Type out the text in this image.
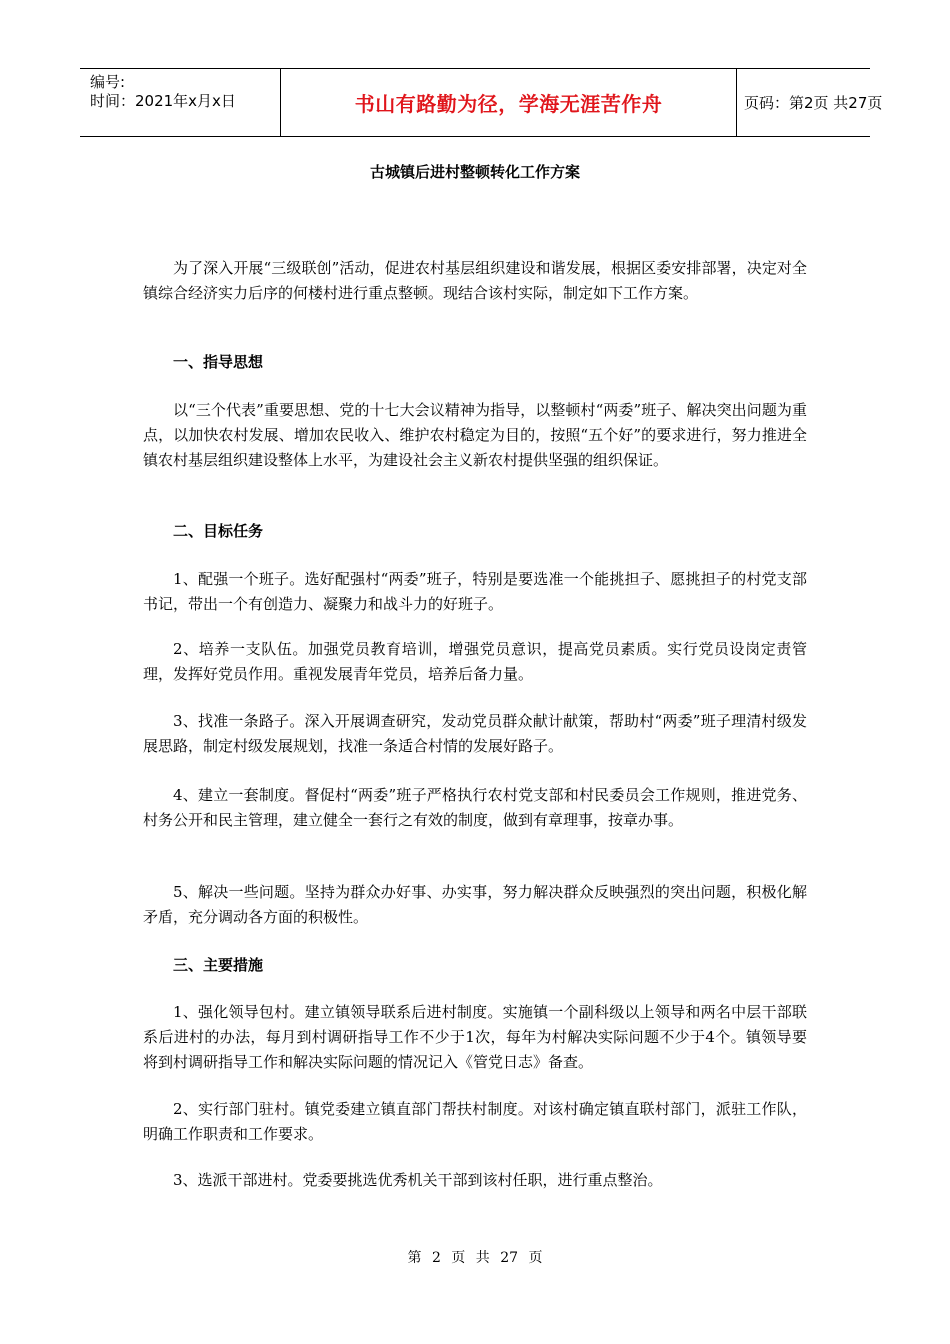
编号:
时间：2021年x月x日	书山有路勤为径，学海无涯苦作舟	页码：第2页 共27页
古城镇后进村整顿转化工作方案

为了深入开展“三级联创”活动，促进农村基层组织建设和谐发展，根据区委安排部署，决定对全镇综合经济实力后序的何楼村进行重点整顿。现结合该村实际，制定如下工作方案。

一、指导思想

以“三个代表”重要思想、党的十七大会议精神为指导，以整顿村“两委”班子、解决突出问题为重点，以加快农村发展、增加农民收入、维护农村稳定为目的，按照“五个好”的要求进行，努力推进全镇农村基层组织建设整体上水平，为建设社会主义新农村提供坚强的组织保证。

二、目标任务

1、配强一个班子。选好配强村“两委”班子，特别是要选准一个能挑担子、愿挑担子的村党支部书记，带出一个有创造力、凝聚力和战斗力的好班子。

2、培养一支队伍。加强党员教育培训，增强党员意识，提高党员素质。实行党员设岗定责管理，发挥好党员作用。重视发展青年党员，培养后备力量。

3、找准一条路子。深入开展调查研究，发动党员群众献计献策，帮助村“两委”班子理清村级发展思路，制定村级发展规划，找准一条适合村情的发展好路子。

4、建立一套制度。督促村“两委”班子严格执行农村党支部和村民委员会工作规则，推进党务、村务公开和民主管理，建立健全一套行之有效的制度，做到有章理事，按章办事。

5、解决一些问题。坚持为群众办好事、办实事，努力解决群众反映强烈的突出问题，积极化解矛盾，充分调动各方面的积极性。

三、主要措施

1、强化领导包村。建立镇领导联系后进村制度。实施镇一个副科级以上领导和两名中层干部联系后进村的办法，每月到村调研指导工作不少于1次，每年为村解决实际问题不少于4个。镇领导要将到村调研指导工作和解决实际问题的情况记入《管党日志》备查。

2、实行部门驻村。镇党委建立镇直部门帮扶村制度。对该村确定镇直联村部门，派驻工作队，明确工作职责和工作要求。

3、选派干部进村。党委要挑选优秀机关干部到该村任职，进行重点整治。

第 2 页 共 27 页
